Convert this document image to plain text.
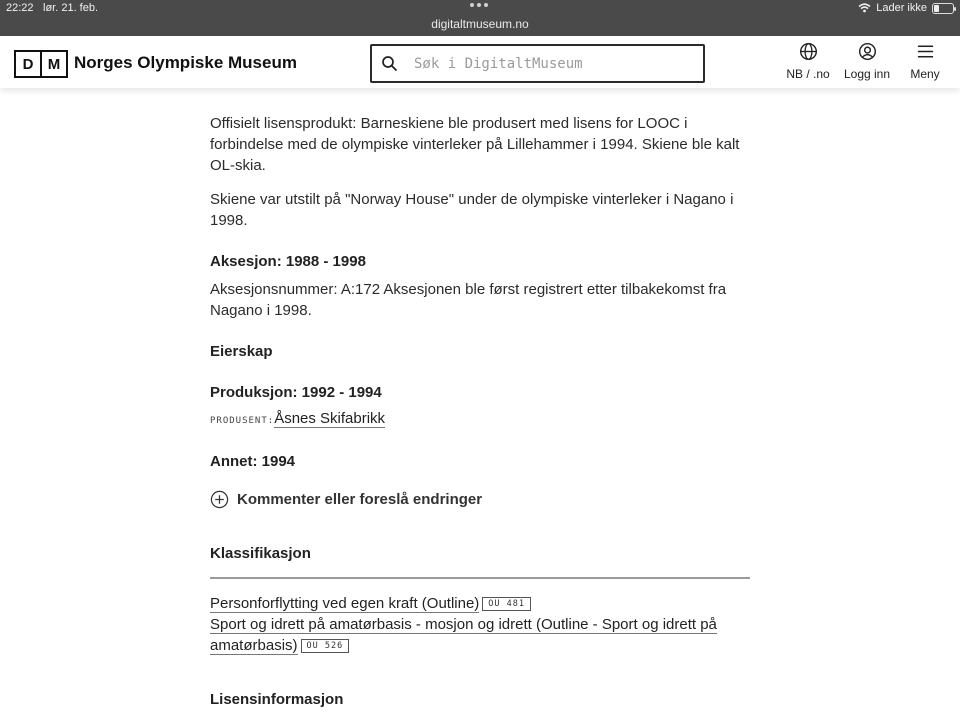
22:22 lør. 21. feb.
digitaltmuseum.no
Lader ikke
D M Norges Olympiske Museum
Søk i DigitaltMuseum
NB / .no Logg inn	Meny

Offisielt lisensprodukt: Barneskiene ble produsert med lisens for LOOC i forbindelse med de olympiske vinterleker på Lillehammer i 1994. Skiene ble kalt OL-skia.

Skiene var utstilt på "Norway House" under de olympiske vinterleker i Nagano i 1998.

Aksesjon: 1988 - 1998

Aksesjonsnummer: A:172 Aksesjonen ble først registrert etter tilbakekomst fra Nagano i 1998.

Eierskap
Produksjon: 1992 - 1994
PRODUSENT:Åsnes Skifabrikk
Annet: 1994
Kommenter eller foreslå endringer
Klassifikasjon
Personforflytting ved egen kraft (Outline) OU 481
Sport og idrett på amatørbasis - mosjon og idrett (Outline - Sport og idrett på amatørbasis) OU 526
Lisensinformasjon
